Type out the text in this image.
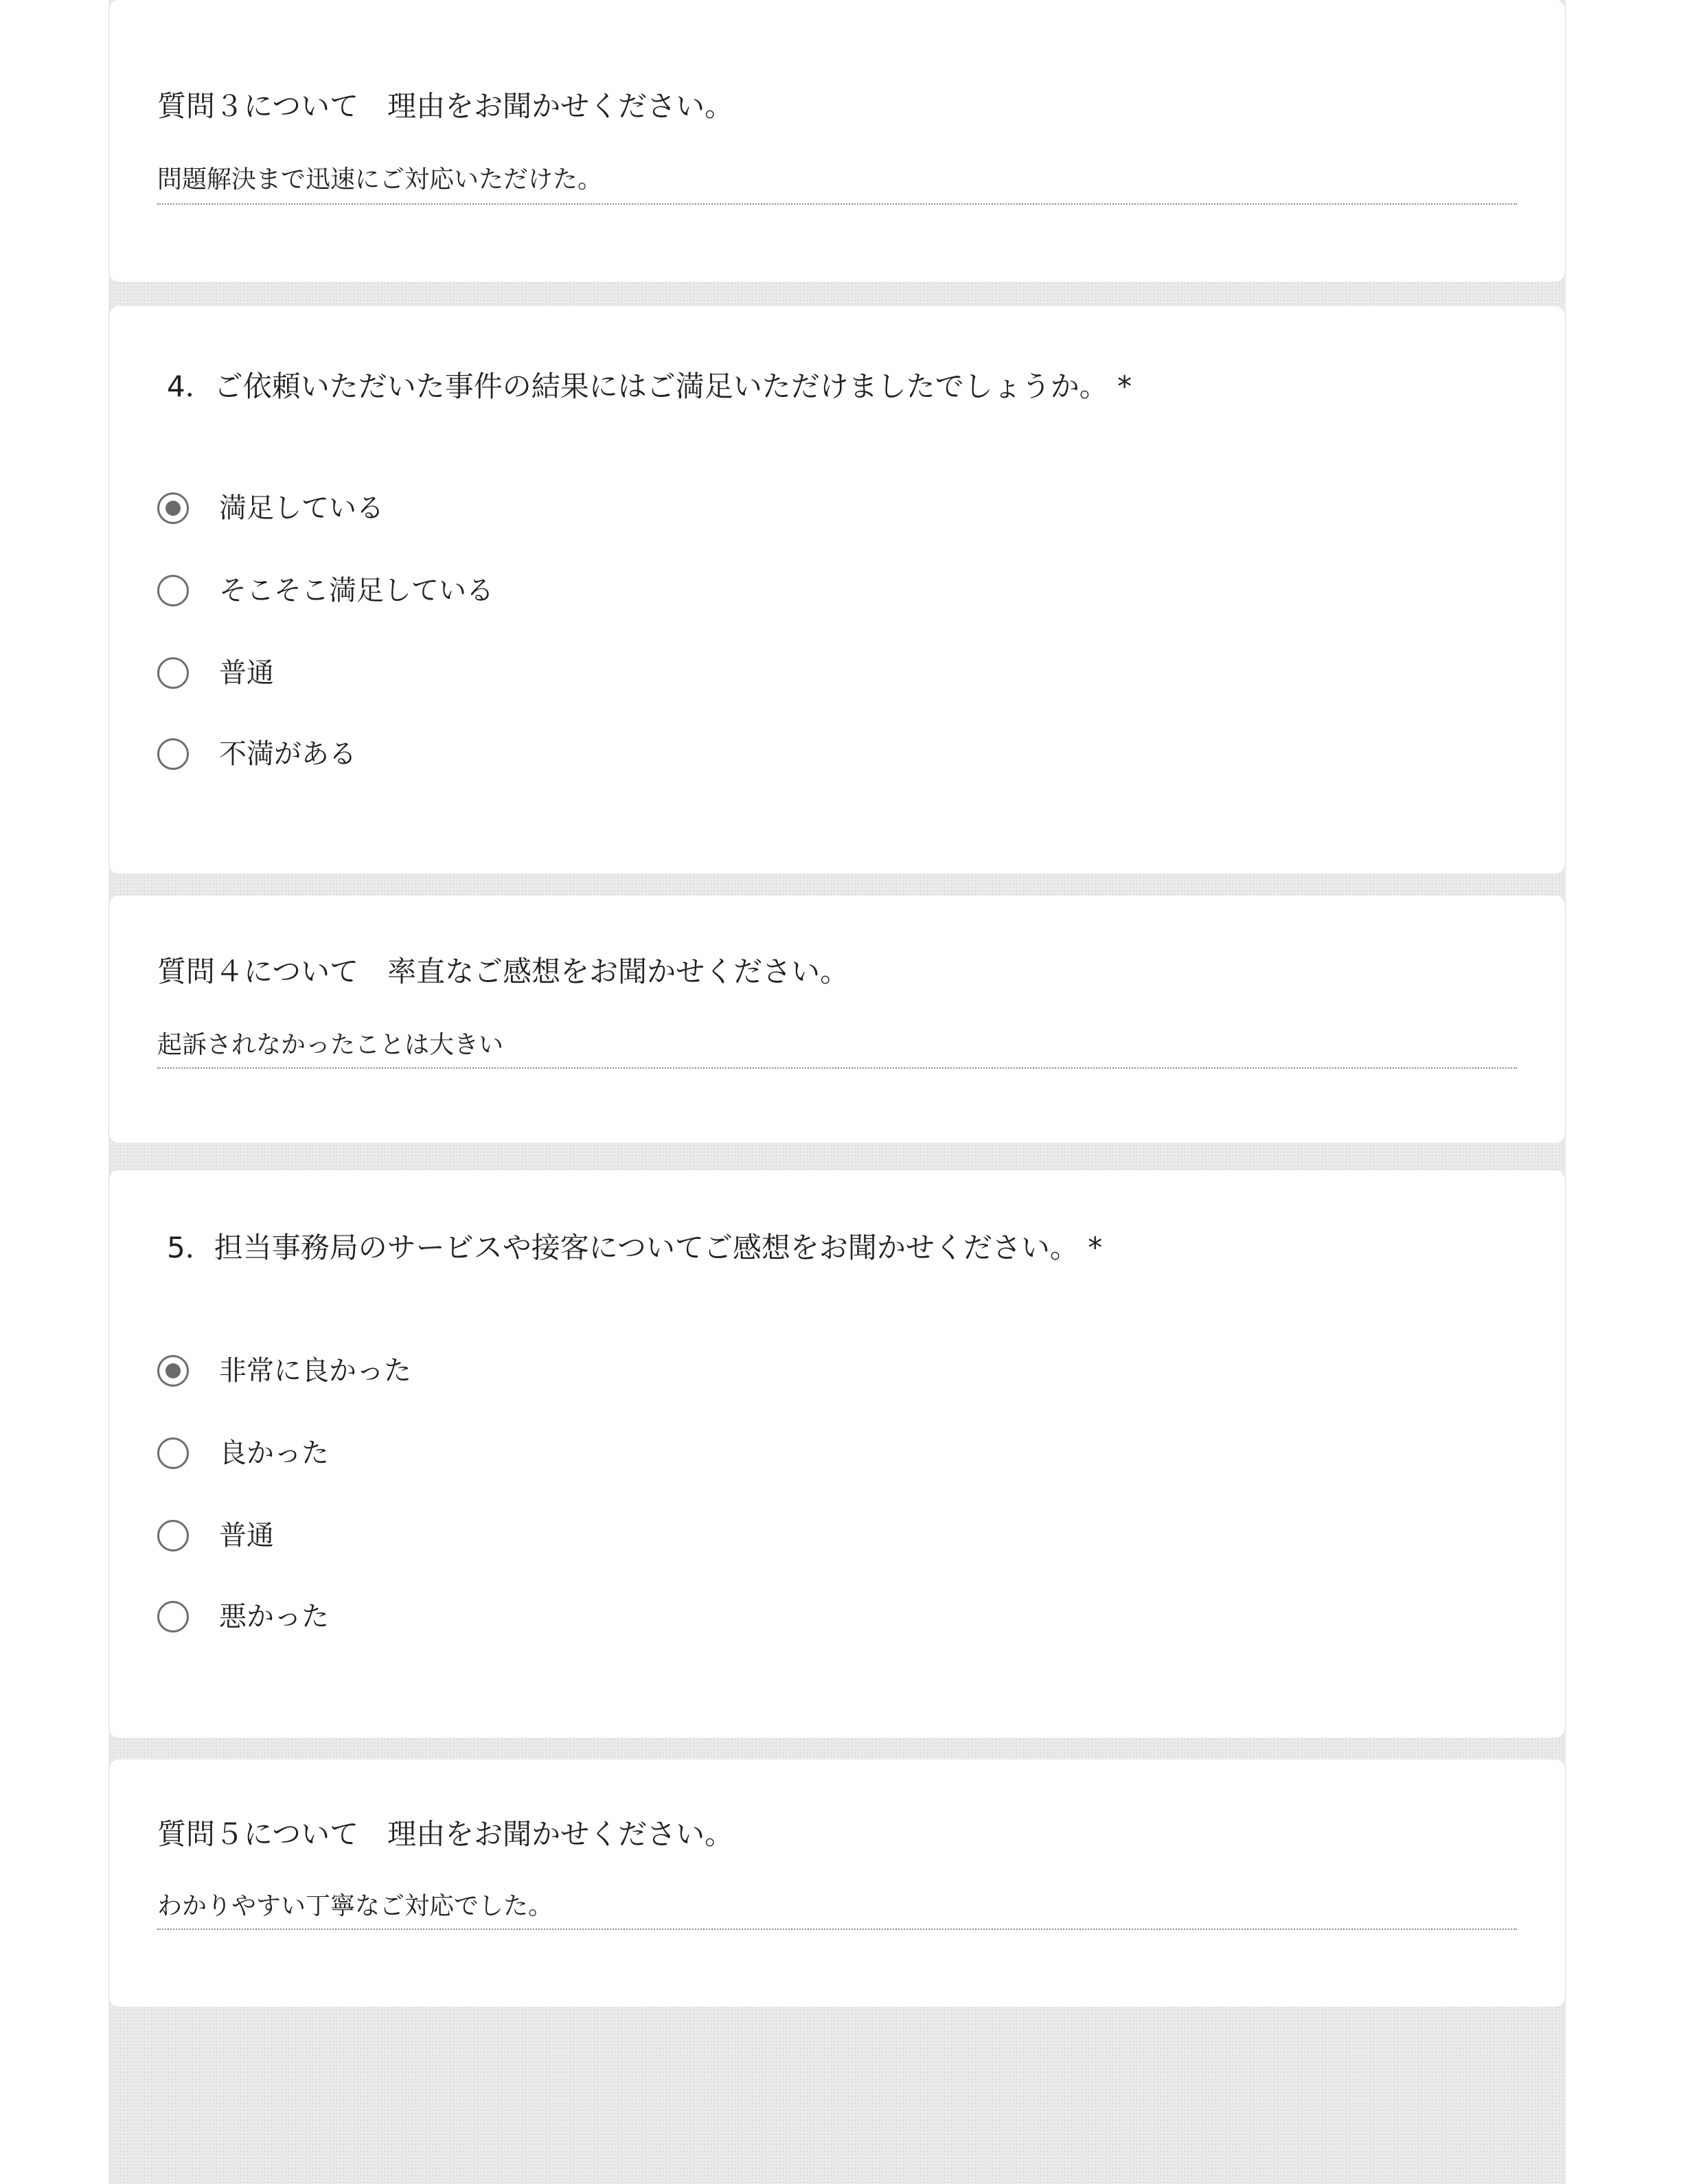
質問３について　理由をお聞かせください。
問題解決まで迅速にご対応いただけた。
4．ご依頼いただいた事件の結果にはご満足いただけましたでしょうか。 *
満足している
そこそこ満足している
普通
不満がある
質問４について　率直なご感想をお聞かせください。
起訴されなかったことは大きい
5．担当事務局のサービスや接客についてご感想をお聞かせください。 *
非常に良かった
良かった
普通
悪かった
質問５について　理由をお聞かせください。
わかりやすい丁寧なご対応でした。
